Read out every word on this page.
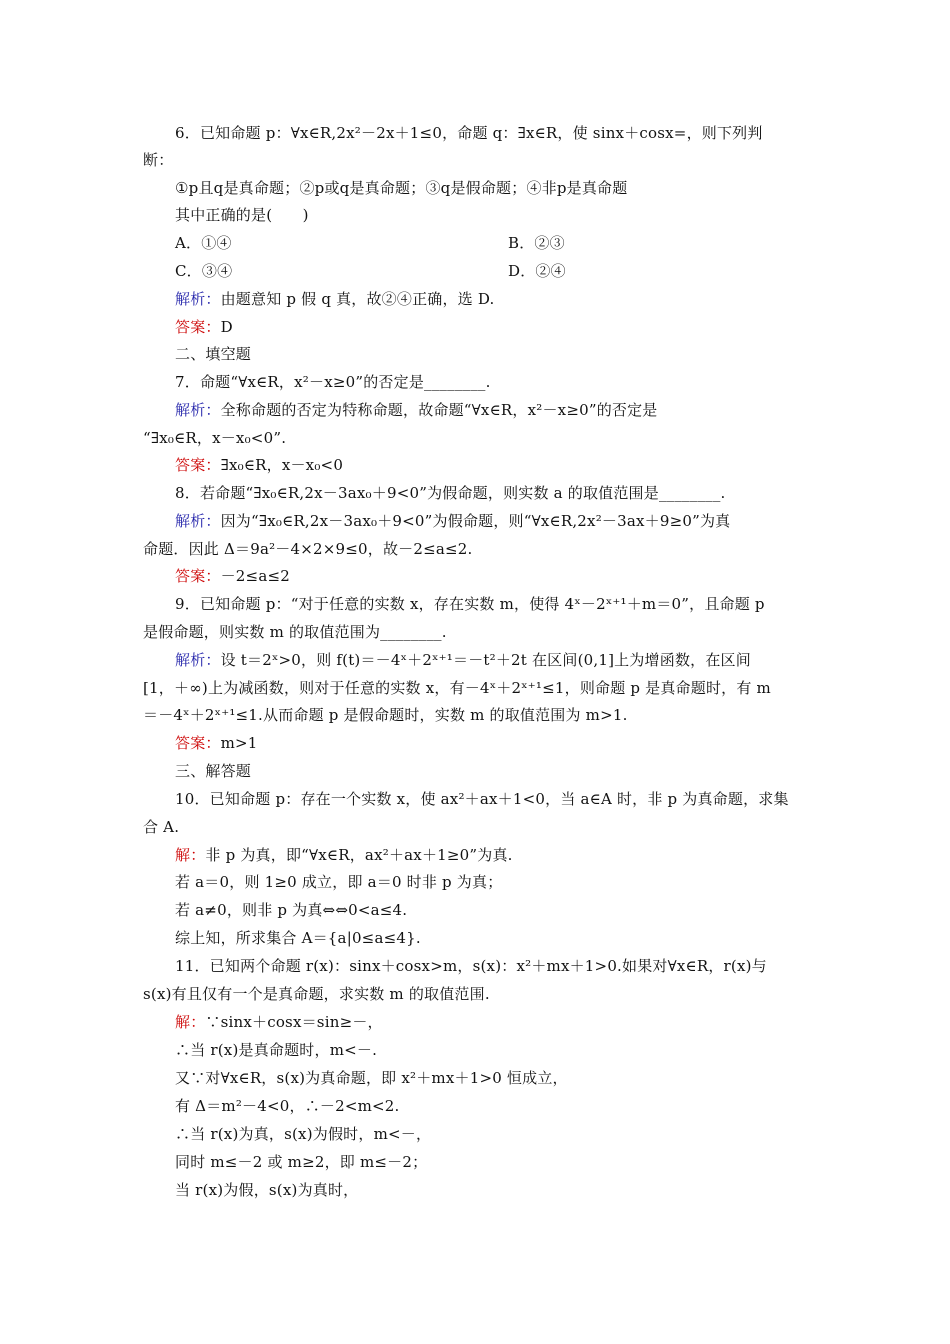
6．已知命题 p：∀x∈R,2x²－2x＋1≤0，命题 q：∃x∈R，使 sinx＋cosx=，则下列判
断：
①p且q是真命题；②p或q是真命题；③q是假命题；④非p是真命题
其中正确的是(　　)
A．①④	B．②③
C．③④	D．②④
解析：由题意知 p 假 q 真，故②④正确，选 D.
答案：D
二、填空题
7．命题“∀x∈R，x²－x≥0”的否定是________.
解析：全称命题的否定为特称命题，故命题“∀x∈R，x²－x≥0”的否定是
“∃x₀∈R，x－x₀<0”.
答案：∃x₀∈R，x－x₀<0
8．若命题“∃x₀∈R,2x－3ax₀＋9<0”为假命题，则实数 a 的取值范围是________.
解析：因为“∃x₀∈R,2x－3ax₀＋9<0”为假命题，则“∀x∈R,2x²－3ax＋9≥0”为真
命题．因此 Δ＝9a²－4×2×9≤0，故－2≤a≤2.
答案：－2≤a≤2
9．已知命题 p：“对于任意的实数 x，存在实数 m，使得 4ˣ－2ˣ⁺¹＋m＝0”，且命题 p
是假命题，则实数 m 的取值范围为________.
解析：设 t＝2ˣ>0，则 f(t)＝－4ˣ＋2ˣ⁺¹＝－t²＋2t 在区间(0,1]上为增函数，在区间
[1，＋∞)上为减函数，则对于任意的实数 x，有－4ˣ＋2ˣ⁺¹≤1，则命题 p 是真命题时，有 m
＝－4ˣ＋2ˣ⁺¹≤1.从而命题 p 是假命题时，实数 m 的取值范围为 m>1.
答案：m>1
三、解答题
10．已知命题 p：存在一个实数 x，使 ax²＋ax＋1<0，当 a∈A 时，非 p 为真命题，求集
合 A.
解：非 p 为真，即“∀x∈R，ax²＋ax＋1≥0”为真.
若 a＝0，则 1≥0 成立，即 a＝0 时非 p 为真；
若 a≠0，则非 p 为真⇔⇔0<a≤4.
综上知，所求集合 A＝{a|0≤a≤4}.
11．已知两个命题 r(x)：sinx＋cosx>m，s(x)：x²＋mx＋1>0.如果对∀x∈R，r(x)与
s(x)有且仅有一个是真命题，求实数 m 的取值范围.
解：∵sinx＋cosx＝sin≥－，
∴当 r(x)是真命题时，m<－.
又∵对∀x∈R，s(x)为真命题，即 x²＋mx＋1>0 恒成立，
有 Δ＝m²－4<0，∴－2<m<2.
∴当 r(x)为真，s(x)为假时，m<－，
同时 m≤－2 或 m≥2，即 m≤－2；
当 r(x)为假，s(x)为真时，
